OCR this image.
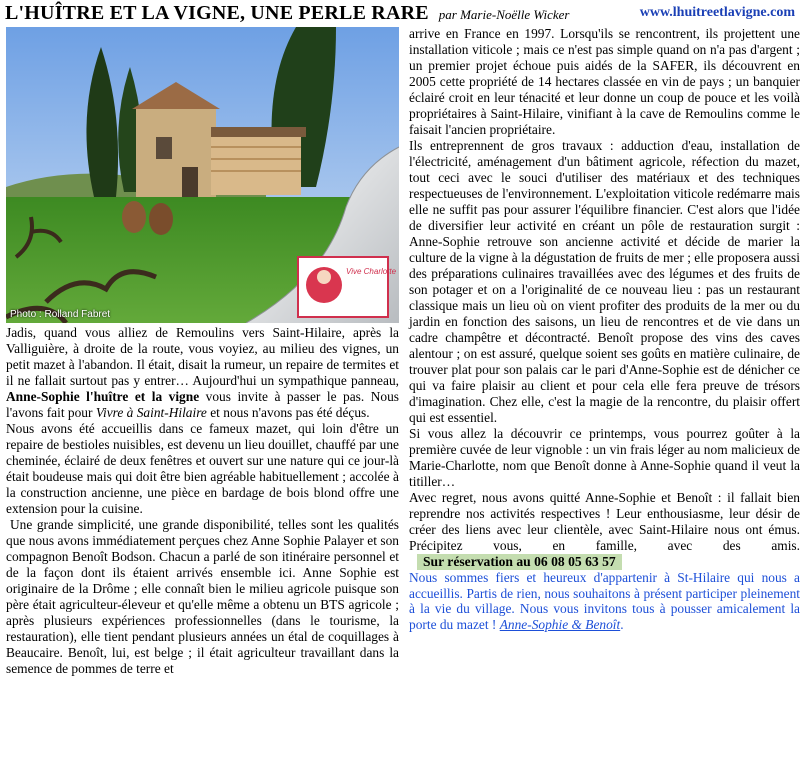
L'HUÎTRE ET LA VIGNE, UNE PERLE RARE par Marie-Noëlle Wicker	www.lhuitreetlavigne.com
Vive Charlotte
Photo : Rolland Fabret

Jadis, quand vous alliez de Remoulins vers Saint-Hilaire, après la Valliguière, à droite de la route, vous voyiez, au milieu des vignes, un petit mazet à l'abandon. Il était, disait la rumeur, un repaire de termites et il ne fallait surtout pas y entrer… Aujourd'hui un sympathique panneau, Anne-Sophie l'huître et la vigne vous invite à passer le pas. Nous l'avons fait pour Vivre à Saint-Hilaire et nous n'avons pas été déçus.

Nous avons été accueillis dans ce fameux mazet, qui loin d'être un repaire de bestioles nuisibles, est devenu un lieu douillet, chauffé par une cheminée, éclairé de deux fenêtres et ouvert sur une nature qui ce jour-là était boudeuse mais qui doit être bien agréable habituellement ; accolée à la construction ancienne, une pièce en bardage de bois blond offre une extension pour la cuisine.

Une grande simplicité, une grande disponibilité, telles sont les qualités que nous avons immédiatement perçues chez Anne Sophie Palayer et son compagnon Benoît Bodson. Chacun a parlé de son itinéraire personnel et de la façon dont ils étaient arrivés ensemble ici. Anne Sophie est originaire de la Drôme ; elle connaît bien le milieu agricole puisque son père était agriculteur-éleveur et qu'elle même a obtenu un BTS agricole ; après plusieurs expériences professionnelles (dans le tourisme, la restauration), elle tient pendant plusieurs années un étal de coquillages à Beaucaire. Benoît, lui, est belge ; il était agriculteur travaillant dans la semence de pommes de terre et

arrive en France en 1997. Lorsqu'ils se rencontrent, ils projettent une installation viticole ; mais ce n'est pas simple quand on n'a pas d'argent ; un premier projet échoue puis aidés de la SAFER, ils découvrent en 2005 cette propriété de 14 hectares classée en vin de pays ; un banquier éclairé croit en leur ténacité et leur donne un coup de pouce et les voilà propriétaires à Saint-Hilaire, vinifiant à la cave de Remoulins comme le faisait l'ancien propriétaire.

Ils entreprennent de gros travaux : adduction d'eau, installation de l'électricité, aménagement d'un bâtiment agricole, réfection du mazet, tout ceci avec le souci d'utiliser des matériaux et des techniques respectueuses de l'environnement. L'exploitation viticole redémarre mais elle ne suffit pas pour assurer l'équilibre financier. C'est alors que l'idée de diversifier leur activité en créant un pôle de restauration surgit : Anne-Sophie retrouve son ancienne activité et décide de marier la culture de la vigne à la dégustation de fruits de mer ; elle proposera aussi des préparations culinaires travaillées avec des légumes et des fruits de son potager et on a l'originalité de ce nouveau lieu : pas un restaurant classique mais un lieu où on vient profiter des produits de la mer ou du jardin en fonction des saisons, un lieu de rencontres et de vie dans un cadre champêtre et décontracté. Benoît propose des vins des caves alentour ; on est assuré, quelque soient ses goûts en matière culinaire, de trouver plat pour son palais car le pari d'Anne-Sophie est de dénicher ce qui va faire plaisir au client et pour cela elle fera preuve de trésors d'imagination. Chez elle, c'est la magie de la rencontre, du plaisir offert qui est essentiel.

Si vous allez la découvrir ce printemps, vous pourrez goûter à la première cuvée de leur vignoble : un vin frais léger au nom malicieux de Marie-Charlotte, nom que Benoît donne à Anne-Sophie quand il veut la titiller…

Avec regret, nous avons quitté Anne-Sophie et Benoît : il fallait bien reprendre nos activités respectives ! Leur enthousiasme, leur désir de créer des liens avec leur clientèle, avec Saint-Hilaire nous ont émus. Précipitez vous, en famille, avec des amis.Sur réservation au 06 08 05 63 57

Nous sommes fiers et heureux d'appartenir à St-Hilaire qui nous a accueillis. Partis de rien, nous souhaitons à présent participer pleinement à la vie du village. Nous vous invitons tous à pousser amicalement la porte du mazet ! Anne-Sophie & Benoît.
